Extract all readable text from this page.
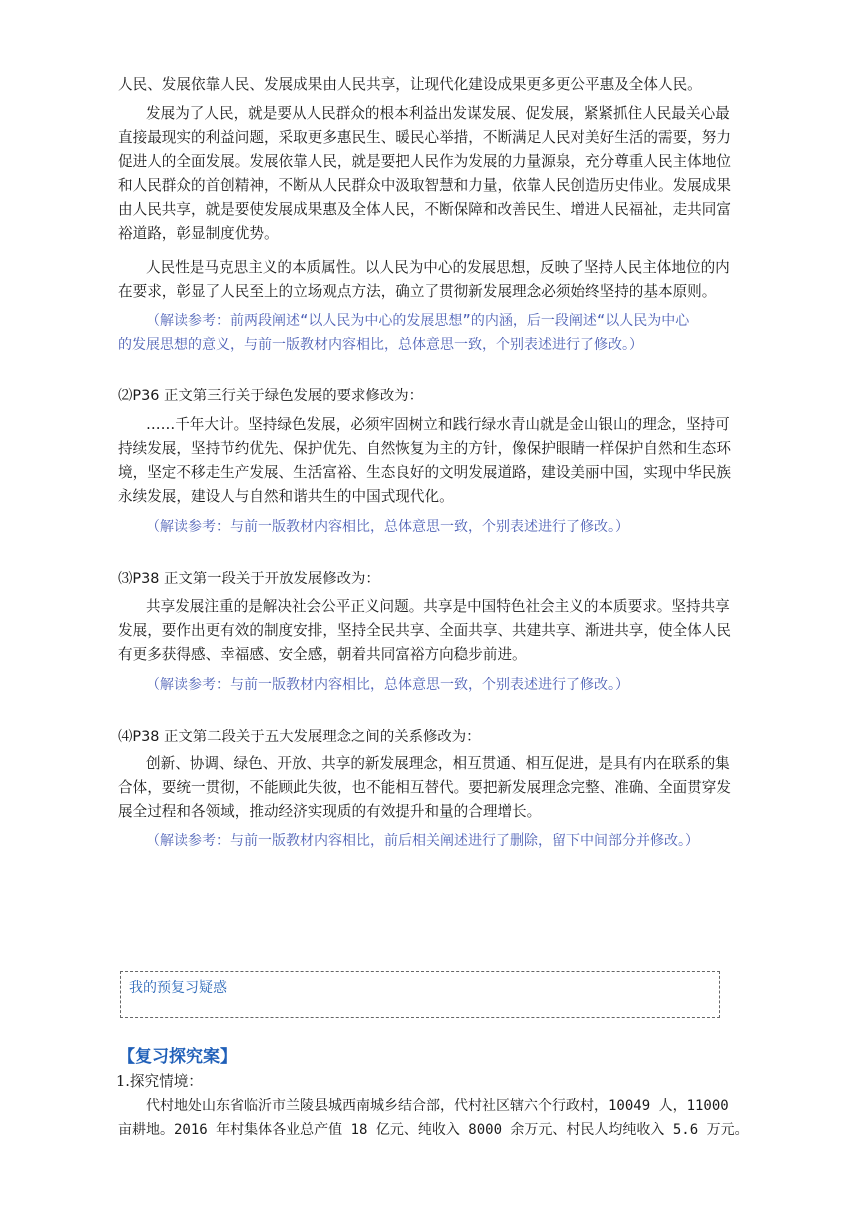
人民、发展依靠人民、发展成果由人民共享，让现代化建设成果更多更公平惠及全体人民。
发展为了人民，就是要从人民群众的根本利益出发谋发展、促发展，紧紧抓住人民最关心最
直接最现实的利益问题，采取更多惠民生、暖民心举措，不断满足人民对美好生活的需要，努力
促进人的全面发展。发展依靠人民，就是要把人民作为发展的力量源泉，充分尊重人民主体地位
和人民群众的首创精神，不断从人民群众中汲取智慧和力量，依靠人民创造历史伟业。发展成果
由人民共享，就是要使发展成果惠及全体人民，不断保障和改善民生、增进人民福祉，走共同富
裕道路，彰显制度优势。
人民性是马克思主义的本质属性。以人民为中心的发展思想，反映了坚持人民主体地位的内
在要求，彰显了人民至上的立场观点方法，确立了贯彻新发展理念必须始终坚持的基本原则。
（解读参考：前两段阐述“以人民为中心的发展思想”的内涵，后一段阐述“以人民为中心
的发展思想的意义，与前一版教材内容相比，总体意思一致，个别表述进行了修改。）
⑵P36 正文第三行关于绿色发展的要求修改为：
……千年大计。坚持绿色发展，必须牢固树立和践行绿水青山就是金山银山的理念，坚持可
持续发展，坚持节约优先、保护优先、自然恢复为主的方针，像保护眼睛一样保护自然和生态环
境，坚定不移走生产发展、生活富裕、生态良好的文明发展道路，建设美丽中国，实现中华民族
永续发展，建设人与自然和谐共生的中国式现代化。
（解读参考：与前一版教材内容相比，总体意思一致，个别表述进行了修改。）
⑶P38 正文第一段关于开放发展修改为：
共享发展注重的是解决社会公平正义问题。共享是中国特色社会主义的本质要求。坚持共享
发展，要作出更有效的制度安排，坚持全民共享、全面共享、共建共享、渐进共享，使全体人民
有更多获得感、幸福感、安全感，朝着共同富裕方向稳步前进。
（解读参考：与前一版教材内容相比，总体意思一致，个别表述进行了修改。）
⑷P38 正文第二段关于五大发展理念之间的关系修改为：
创新、协调、绿色、开放、共享的新发展理念，相互贯通、相互促进，是具有内在联系的集
合体，要统一贯彻，不能顾此失彼，也不能相互替代。要把新发展理念完整、准确、全面贯穿发
展全过程和各领域，推动经济实现质的有效提升和量的合理增长。
（解读参考：与前一版教材内容相比，前后相关阐述进行了删除，留下中间部分并修改。）
我的预复习疑惑
【复习探究案】
1.探究情境：
代村地处山东省临沂市兰陵县城西南城乡结合部，代村社区辖六个行政村，10049 人，11000
亩耕地。2016 年村集体各业总产值 18 亿元、纯收入 8000 余万元、村民人均纯收入 5.6 万元。
